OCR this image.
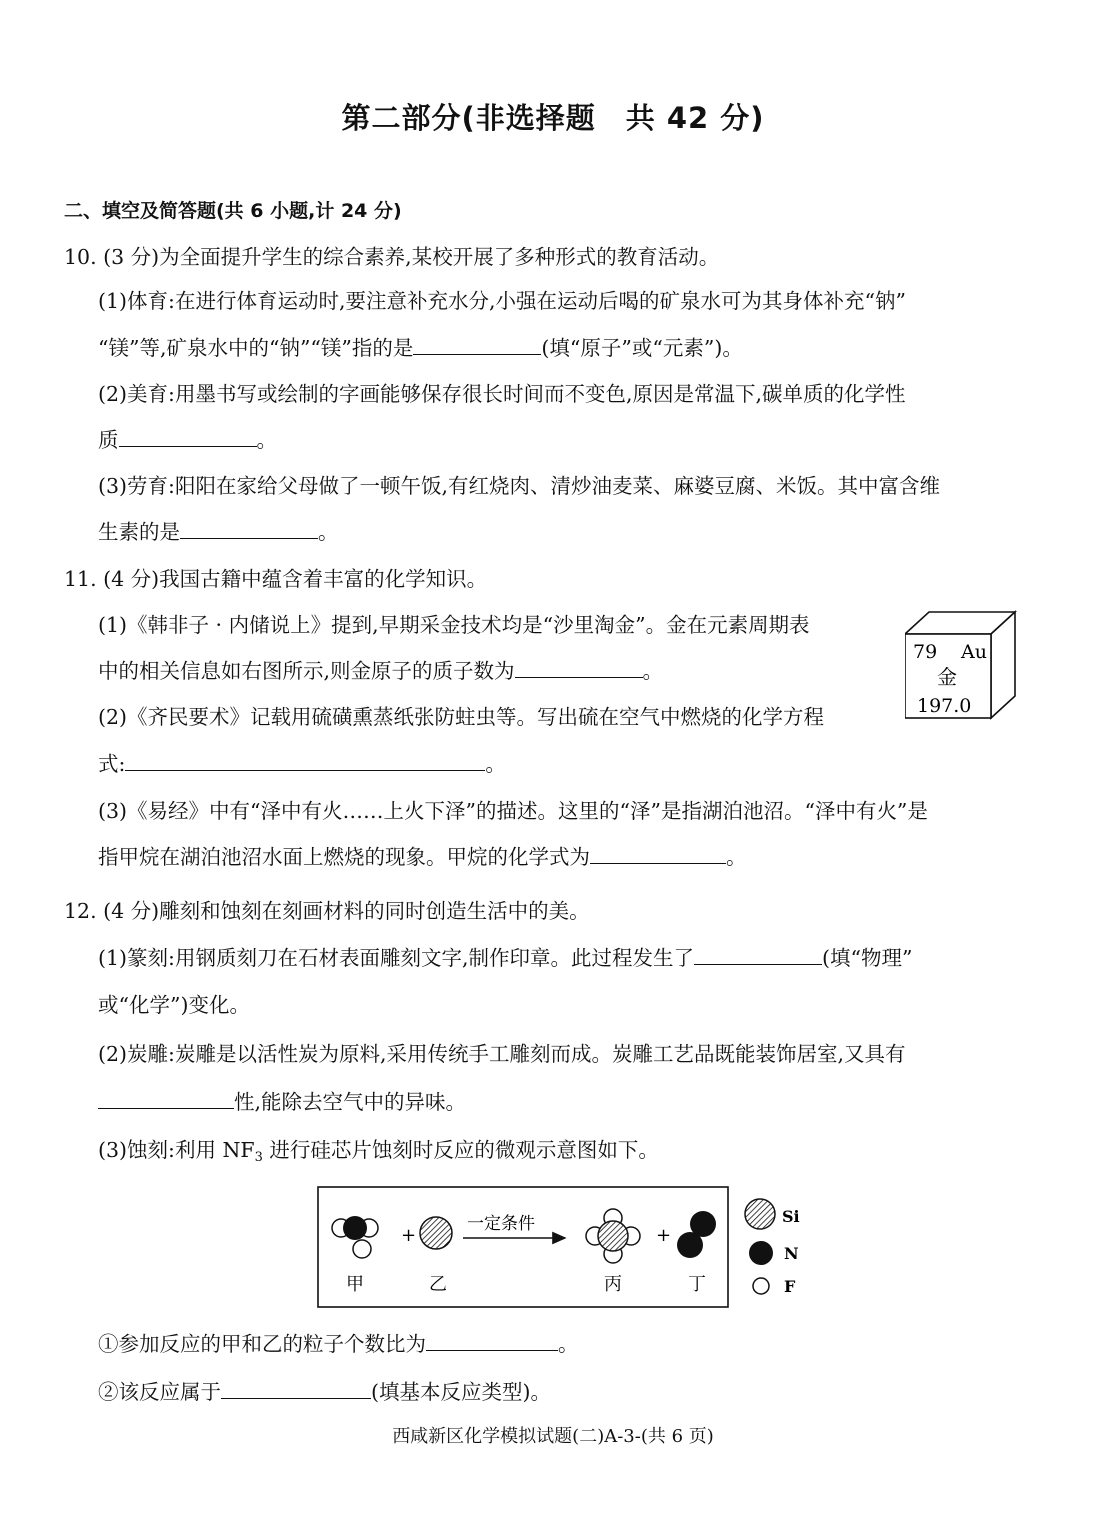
第二部分(非选择题　共 42 分)
二、填空及简答题(共 6 小题,计 24 分)
10. (3 分)为全面提升学生的综合素养,某校开展了多种形式的教育活动。
(1)体育:在进行体育运动时,要注意补充水分,小强在运动后喝的矿泉水可为其身体补充“钠”
“镁”等,矿泉水中的“钠”“镁”指的是	(填“原子”或“元素”)。
(2)美育:用墨书写或绘制的字画能够保存很长时间而不变色,原因是常温下,碳单质的化学性
质	。
(3)劳育:阳阳在家给父母做了一顿午饭,有红烧肉、清炒油麦菜、麻婆豆腐、米饭。其中富含维
生素的是	。
11. (4 分)我国古籍中蕴含着丰富的化学知识。
(1)《韩非子 · 内储说上》提到,早期采金技术均是“沙里淘金”。金在元素周期表
中的相关信息如右图所示,则金原子的质子数为	。
(2)《齐民要术》记载用硫磺熏蒸纸张防蛀虫等。写出硫在空气中燃烧的化学方程
式:	。
(3)《易经》中有“泽中有火……上火下泽”的描述。这里的“泽”是指湖泊池沼。“泽中有火”是
指甲烷在湖泊池沼水面上燃烧的现象。甲烷的化学式为	。
79 Au
金
197.0
12. (4 分)雕刻和蚀刻在刻画材料的同时创造生活中的美。
(1)篆刻:用钢质刻刀在石材表面雕刻文字,制作印章。此过程发生了	(填“物理”
或“化学”)变化。
(2)炭雕:炭雕是以活性炭为原料,采用传统手工雕刻而成。炭雕工艺品既能装饰居室,又具有
性,能除去空气中的异味。
(3)蚀刻:利用 $NF_3$ 进行硅芯片蚀刻时反应的微观示意图如下。
+
一定条件
+
甲	乙	丙	丁
Si
N
F
①参加反应的甲和乙的粒子个数比为	。
②该反应属于	(填基本反应类型)。
西咸新区化学模拟试题(二)A-3-(共 6 页)
